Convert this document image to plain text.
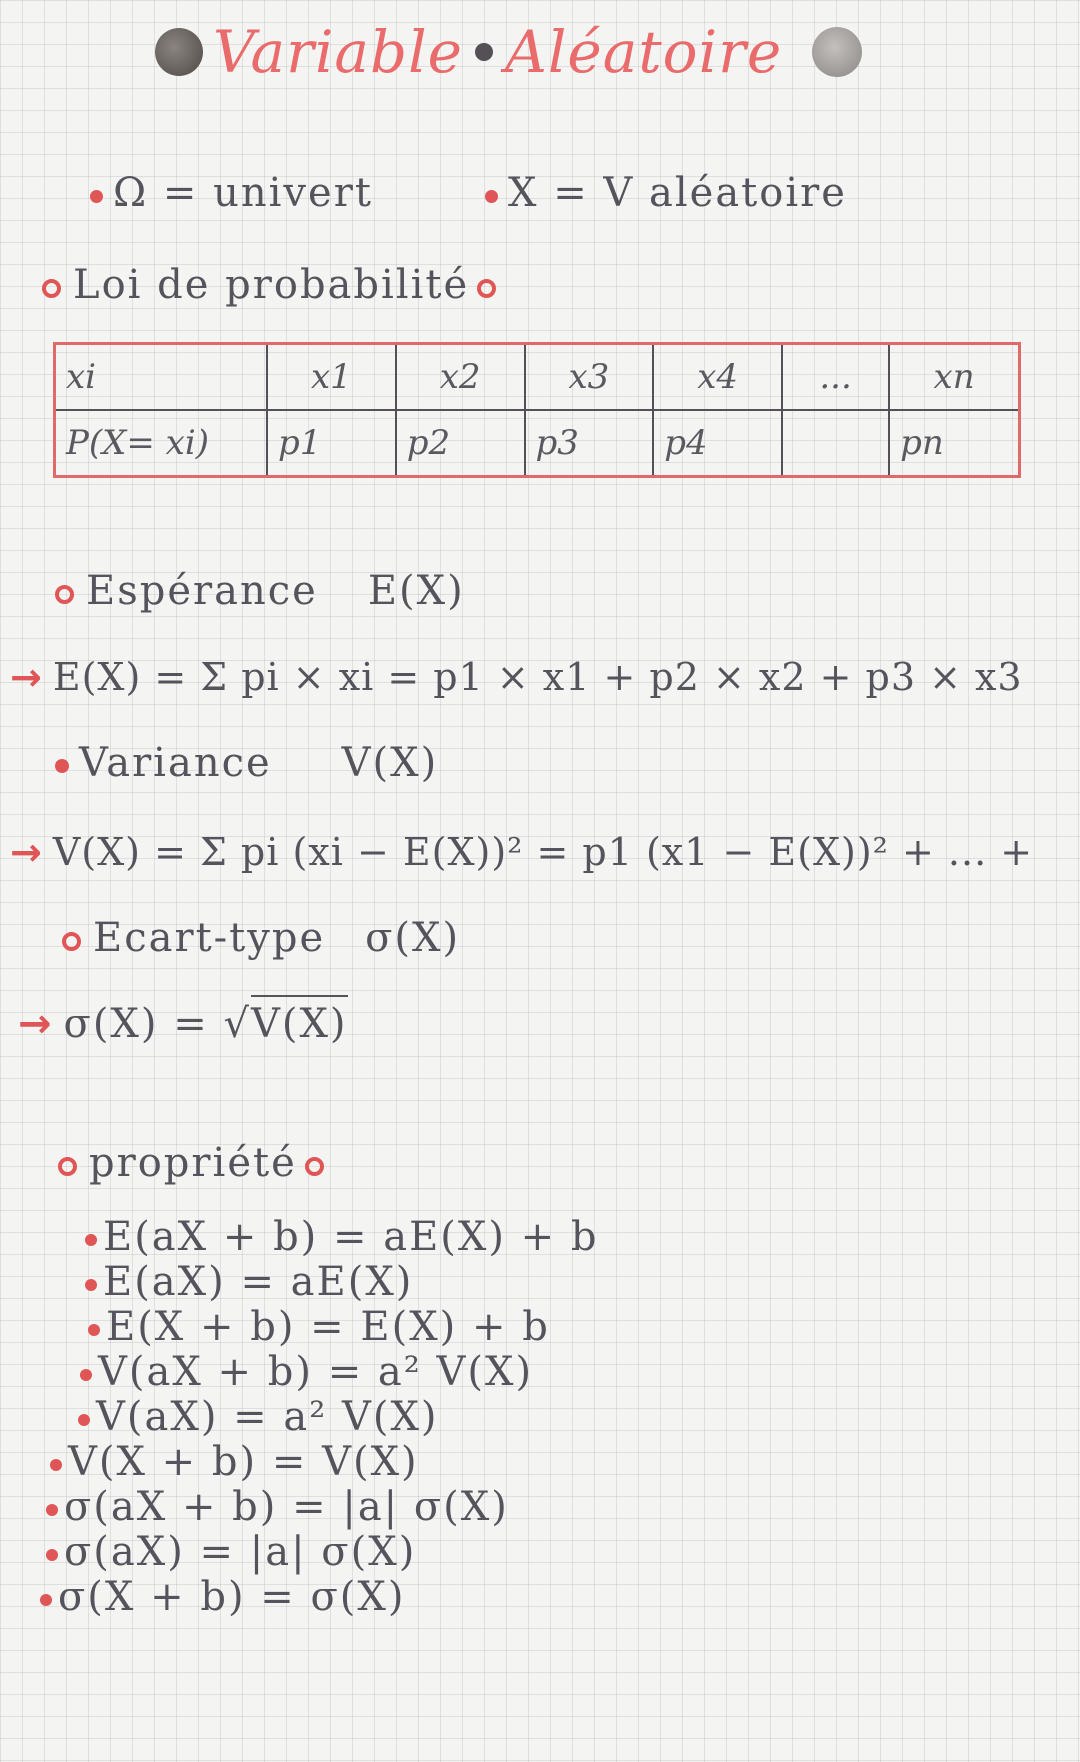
Variable Aléatoire
Ω = univert	X = V aléatoire
Loi de probabilité
xi	x1	x2	x3	x4	...	xn
P(X= xi)	p1	p2	p3	p4		pn
Espérance E(X)
→ E(X) = Σ pi × xi = p1 × x1 + p2 × x2 + p3 × x3
Variance V(X)
→ V(X) = Σ pi (xi − E(X))² = p1 (x1 − E(X))² + ... +
Ecart-type σ(X)
→ σ(X) = √V(X)
propriété
E(aX + b) = aE(X) + b
E(aX) = aE(X)
E(X + b) = E(X) + b
V(aX + b) = a² V(X)
V(aX) = a² V(X)
V(X + b) = V(X)
σ(aX + b) = |a| σ(X)
σ(aX) = |a| σ(X)
σ(X + b) = σ(X)
